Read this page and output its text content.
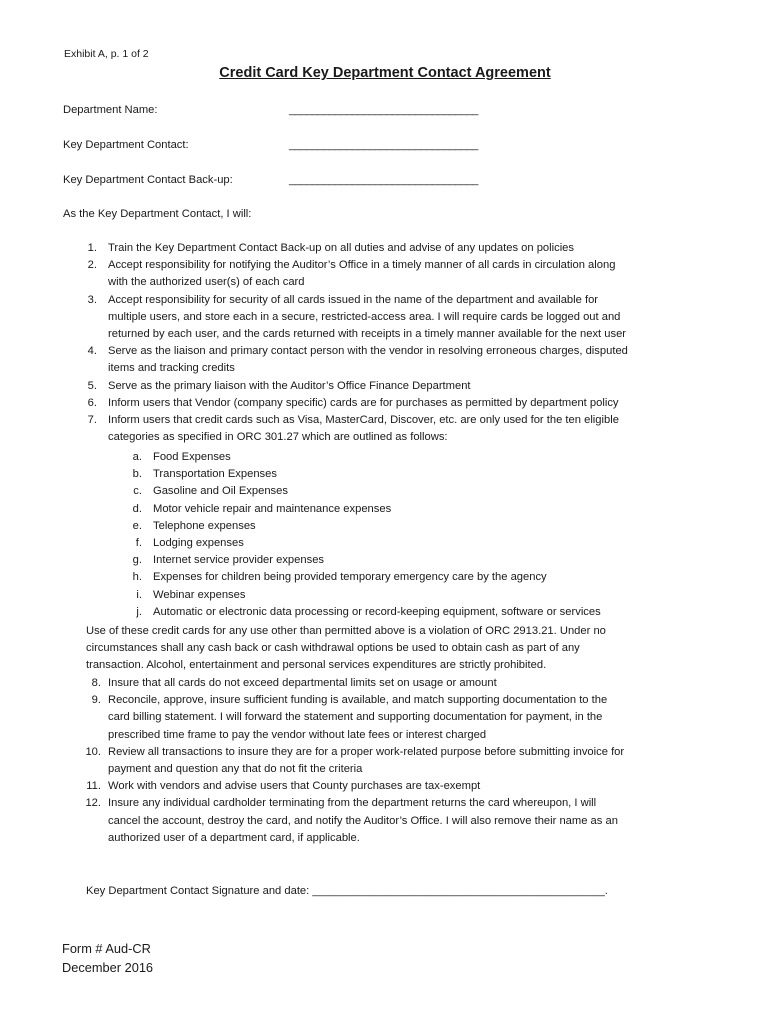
Exhibit A, p. 1 of 2
Credit Card Key Department Contact Agreement
Department Name:	_________________________________
Key Department Contact:	_________________________________
Key Department Contact Back-up:	_________________________________
As the Key Department Contact, I will:
1. Train the Key Department Contact Back-up on all duties and advise of any updates on policies
2. Accept responsibility for notifying the Auditor’s Office in a timely manner of all cards in circulation along
with the authorized user(s) of each card
3. Accept responsibility for security of all cards issued in the name of the department and available for
multiple users, and store each in a secure, restricted-access area. I will require cards be logged out and
returned by each user, and the cards returned with receipts in a timely manner available for the next user
4. Serve as the liaison and primary contact person with the vendor in resolving erroneous charges, disputed
items and tracking credits
5. Serve as the primary liaison with the Auditor’s Office Finance Department
6. Inform users that Vendor (company specific) cards are for purchases as permitted by department policy
7. Inform users that credit cards such as Visa, MasterCard, Discover, etc. are only used for the ten eligible
categories as specified in ORC 301.27 which are outlined as follows:
a. Food Expenses
b. Transportation Expenses
c. Gasoline and Oil Expenses
d. Motor vehicle repair and maintenance expenses
e. Telephone expenses
f. Lodging expenses
g. Internet service provider expenses
h. Expenses for children being provided temporary emergency care by the agency
i. Webinar expenses
j. Automatic or electronic data processing or record-keeping equipment, software or services
Use of these credit cards for any use other than permitted above is a violation of ORC 2913.21. Under no
circumstances shall any cash back or cash withdrawal options be used to obtain cash as part of any
transaction. Alcohol, entertainment and personal services expenditures are strictly prohibited.
8. Insure that all cards do not exceed departmental limits set on usage or amount
9. Reconcile, approve, insure sufficient funding is available, and match supporting documentation to the
card billing statement. I will forward the statement and supporting documentation for payment, in the
prescribed time frame to pay the vendor without late fees or interest charged
10. Review all transactions to insure they are for a proper work-related purpose before submitting invoice for
payment and question any that do not fit the criteria
11. Work with vendors and advise users that County purchases are tax-exempt
12. Insure any individual cardholder terminating from the department returns the card whereupon, I will
cancel the account, destroy the card, and notify the Auditor’s Office. I will also remove their name as an
authorized user of a department card, if applicable.
Key Department Contact Signature and date: _______________________________________________.
Form # Aud-CR
December 2016
